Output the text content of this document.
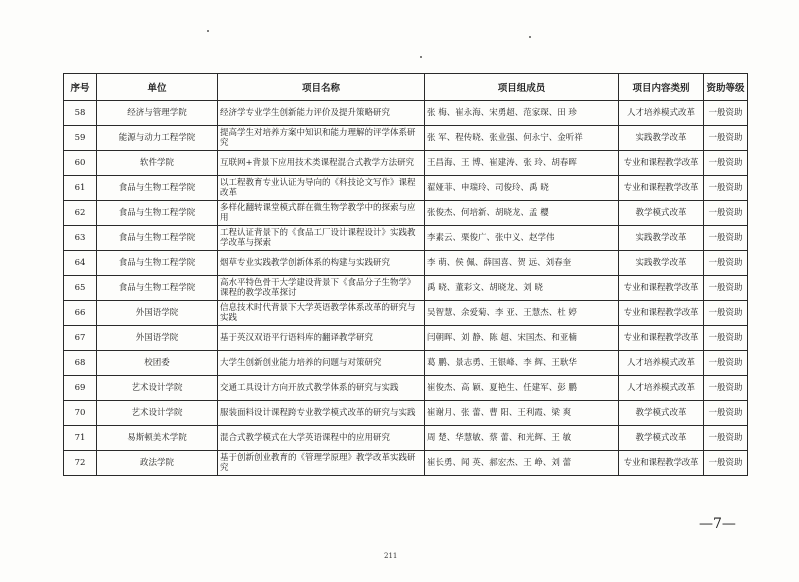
序号	单位	项目名称	项目组成员	项目内容类别	资助等级
58	经济与管理学院	经济学专业学生创新能力评价及提升策略研究	张 梅、崔永海、宋勇超、范家琛、田 珍	人才培养模式改革	一般资助
59	能源与动力工程学院	提高学生对培养方案中知识和能力理解的评学体系研究	张 军、程传晓、张业强、何永宁、金听祥	实践教学改革	一般资助
60	软件学院	互联网+背景下应用技术类课程混合式教学方法研究	王昌海、王 博、崔建涛、张 玲、胡春晖	专业和课程教学改革	一般资助
61	食品与生物工程学院	以工程教育专业认证为导向的《科技论文写作》课程改革	翟娅菲、申瑞玲、司俊玲、禹 晓	专业和课程教学改革	一般资助
62	食品与生物工程学院	多样化翻转课堂模式群在微生物学教学中的探索与应用	张俊杰、何培新、胡晓龙、孟 櫻	教学模式改革	一般资助
63	食品与生物工程学院	工程认证背景下的《食品工厂设计课程设计》实践教学改革与探索	李素云、栗俊广、张中义、赵学伟	实践教学改革	一般资助
64	食品与生物工程学院	烟草专业实践教学创新体系的构建与实践研究	李 萌、侯 佩、薛国喜、贺 远、刘春奎	实践教学改革	一般资助
65	食品与生物工程学院	高水平特色骨干大学建设背景下《食品分子生物学》课程的教学改革探讨	禹 晓、董彩文、胡晓龙、刘 晓	专业和课程教学改革	一般资助
66	外国语学院	信息技术时代背景下大学英语教学体系改革的研究与实践	吴智慧、余爱菊、李 亚、王慧杰、杜 婷	专业和课程教学改革	一般资助
67	外国语学院	基于英汉双语平行语料库的翻译教学研究	闫朝晖、刘 静、陈 超、宋国杰、和亚楠	专业和课程教学改革	一般资助
68	校团委	大学生创新创业能力培养的问题与对策研究	葛 鹏、景志勇、王银峰、李 辉、王耿华	人才培养模式改革	一般资助
69	艺术设计学院	交通工具设计方向开放式教学体系的研究与实践	崔俊杰、高 颖、夏艳生、任建军、彭 鹏	人才培养模式改革	一般资助
70	艺术设计学院	服装面料设计课程跨专业教学模式改革的研究与实践	崔谢月、张 蕾、曹 阳、王利霞、梁 爽	教学模式改革	一般资助
71	易斯顿美术学院	混合式教学模式在大学英语课程中的应用研究	周 楚、华慧敏、蔡 蕾、和光辉、王 敏	教学模式改革	一般资助
72	政法学院	基于创新创业教育的《管理学原理》教学改革实践研究	崔长勇、闻 英、郝宏杰、王 峥、刘 蕾	专业和课程教学改革	一般资助
—7—
211
